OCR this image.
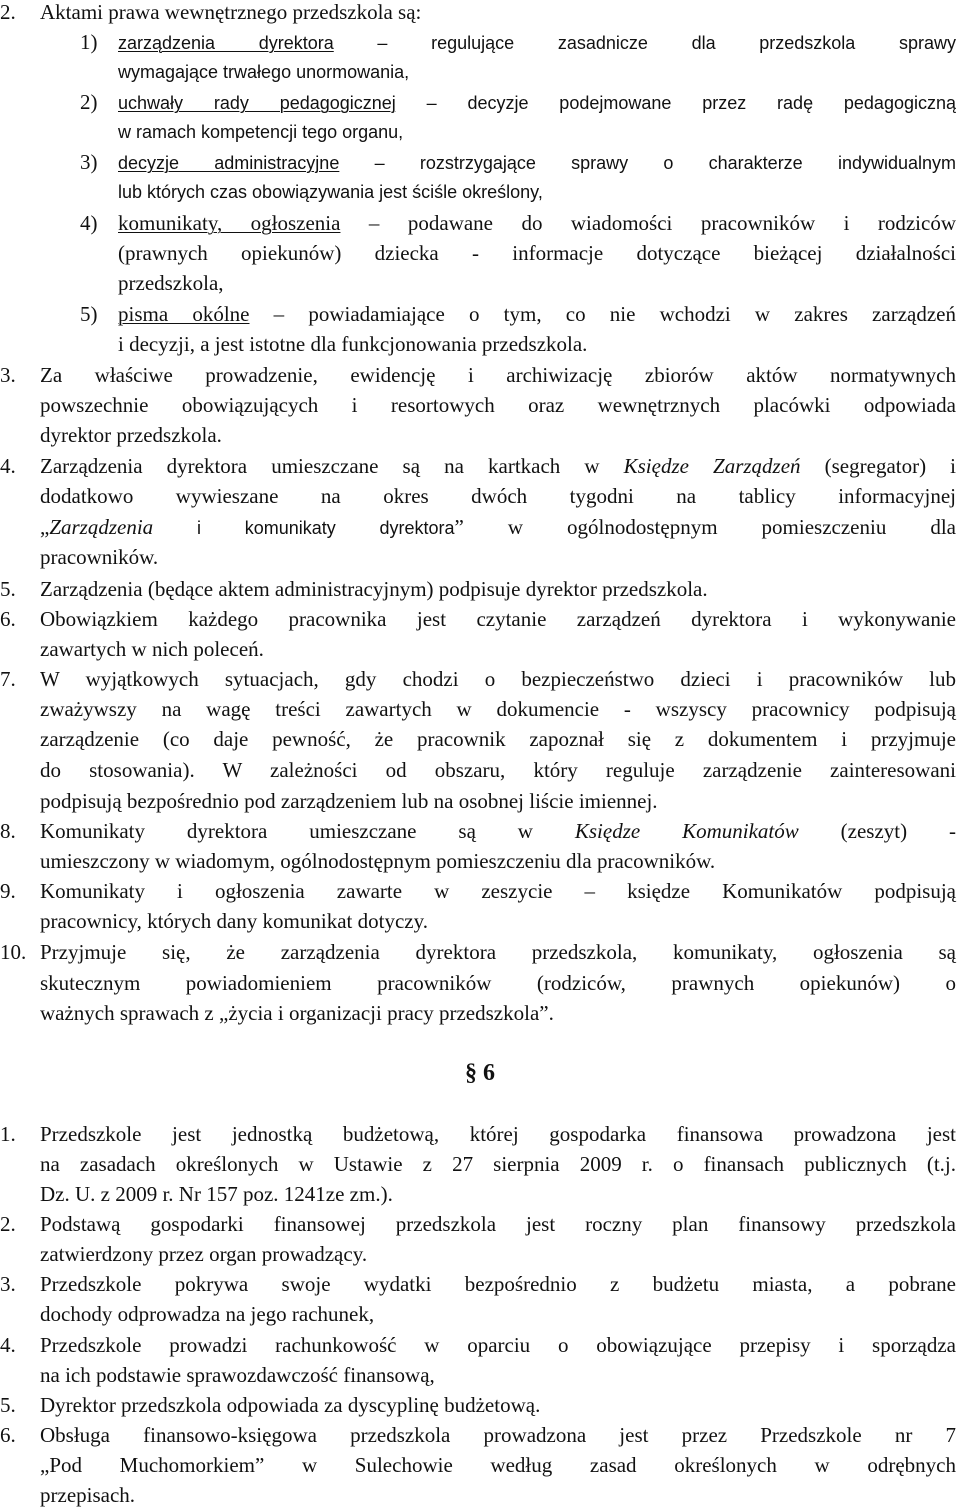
2. Aktami prawa wewnętrznego przedszkola są:
1) zarządzenia dyrektora – regulujące zasadnicze dla przedszkola sprawy
wymagające trwałego unormowania,
2) uchwały rady pedagogicznej – decyzje podejmowane przez radę pedagogiczną
w ramach kompetencji tego organu,
3) decyzje administracyjne – rozstrzygające sprawy o charakterze indywidualnym
lub których czas obowiązywania jest ściśle określony,
4) komunikaty, ogłoszenia – podawane do wiadomości pracowników i rodziców
(prawnych opiekunów) dziecka - informacje dotyczące bieżącej działalności
przedszkola,
5) pisma okólne – powiadamiające o tym, co nie wchodzi w zakres zarządzeń
i decyzji, a jest istotne dla funkcjonowania przedszkola.
3. Za właściwe prowadzenie, ewidencję i archiwizację zbiorów aktów normatywnych
powszechnie obowiązujących i resortowych oraz wewnętrznych placówki odpowiada
dyrektor przedszkola.
4. Zarządzenia dyrektora umieszczane są na kartkach w Księdze Zarządzeń (segregator) i
dodatkowo wywieszane na okres dwóch tygodni na tablicy informacyjnej
„Zarządzenia i komunikaty dyrektora” w ogólnodostępnym pomieszczeniu dla
pracowników.
5. Zarządzenia (będące aktem administracyjnym) podpisuje dyrektor przedszkola.
6. Obowiązkiem każdego pracownika jest czytanie zarządzeń dyrektora i wykonywanie
zawartych w nich poleceń.
7. W wyjątkowych sytuacjach, gdy chodzi o bezpieczeństwo dzieci i pracowników lub
zważywszy na wagę treści zawartych w dokumencie - wszyscy pracownicy podpisują
zarządzenie (co daje pewność, że pracownik zapoznał się z dokumentem i przyjmuje
do stosowania). W zależności od obszaru, który reguluje zarządzenie zainteresowani
podpisują bezpośrednio pod zarządzeniem lub na osobnej liście imiennej.
8. Komunikaty dyrektora umieszczane są w Księdze Komunikatów (zeszyt) -
umieszczony w wiadomym, ogólnodostępnym pomieszczeniu dla pracowników.
9. Komunikaty i ogłoszenia zawarte w zeszycie – księdze Komunikatów podpisują
pracownicy, których dany komunikat dotyczy.
10. Przyjmuje się, że zarządzenia dyrektora przedszkola, komunikaty, ogłoszenia są
skutecznym powiadomieniem pracowników (rodziców, prawnych opiekunów) o
ważnych sprawach z „życia i organizacji pracy przedszkola”.
§ 6
1. Przedszkole jest jednostką budżetową, której gospodarka finansowa prowadzona jest
na zasadach określonych w Ustawie z 27 sierpnia 2009 r. o finansach publicznych (t.j.
Dz. U. z 2009 r. Nr 157 poz. 1241ze zm.).
2. Podstawą gospodarki finansowej przedszkola jest roczny plan finansowy przedszkola
zatwierdzony przez organ prowadzący.
3. Przedszkole pokrywa swoje wydatki bezpośrednio z budżetu miasta, a pobrane
dochody odprowadza na jego rachunek,
4. Przedszkole prowadzi rachunkowość w oparciu o obowiązujące przepisy i sporządza
na ich podstawie sprawozdawczość finansową,
5. Dyrektor przedszkola odpowiada za dyscyplinę budżetową.
6. Obsługa finansowo-księgowa przedszkola prowadzona jest przez Przedszkole nr 7
„Pod Muchomorkiem” w Sulechowie według zasad określonych w odrębnych
przepisach.
